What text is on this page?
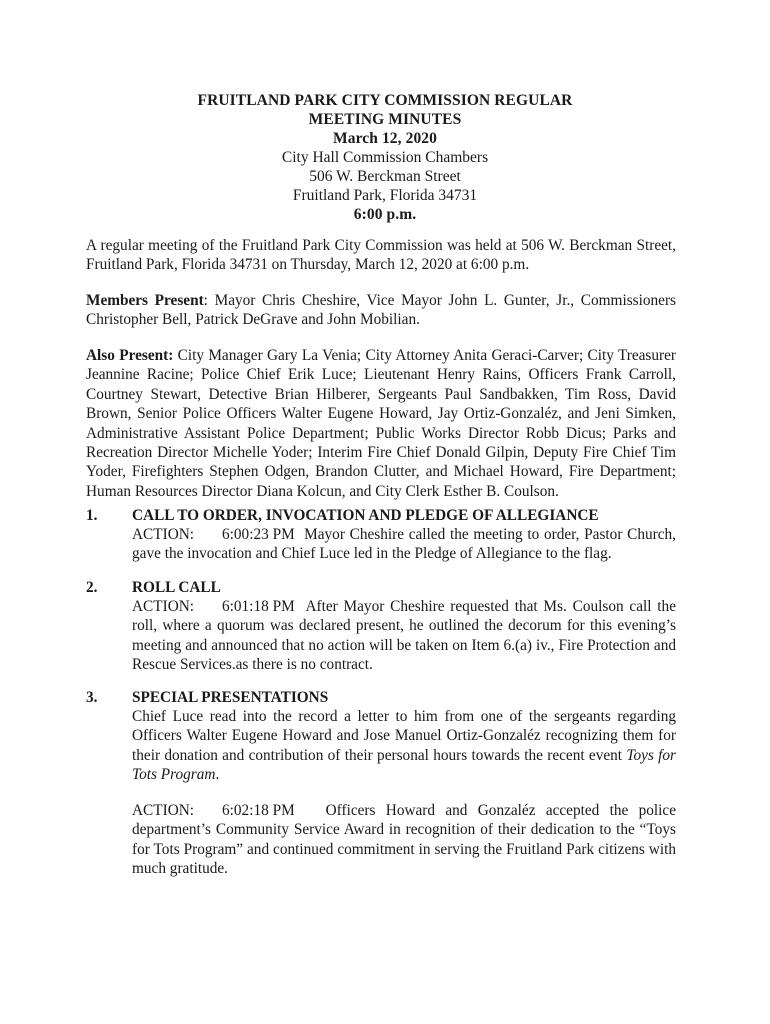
FRUITLAND PARK CITY COMMISSION REGULAR
MEETING MINUTES
March 12, 2020
City Hall Commission Chambers
506 W. Berckman Street
Fruitland Park, Florida 34731
6:00 p.m.
A regular meeting of the Fruitland Park City Commission was held at 506 W. Berckman Street, Fruitland Park, Florida 34731 on Thursday, March 12, 2020 at 6:00 p.m.
Members Present: Mayor Chris Cheshire, Vice Mayor John L. Gunter, Jr., Commissioners Christopher Bell, Patrick DeGrave and John Mobilian.
Also Present: City Manager Gary La Venia; City Attorney Anita Geraci-Carver; City Treasurer Jeannine Racine; Police Chief Erik Luce; Lieutenant Henry Rains, Officers Frank Carroll, Courtney Stewart, Detective Brian Hilberer, Sergeants Paul Sandbakken, Tim Ross, David Brown, Senior Police Officers Walter Eugene Howard, Jay Ortiz-Gonzaléz, and Jeni Simken, Administrative Assistant Police Department; Public Works Director Robb Dicus; Parks and Recreation Director Michelle Yoder; Interim Fire Chief Donald Gilpin, Deputy Fire Chief Tim Yoder, Firefighters Stephen Odgen, Brandon Clutter, and Michael Howard, Fire Department; Human Resources Director Diana Kolcun, and City Clerk Esther B. Coulson.
1. CALL TO ORDER, INVOCATION AND PLEDGE OF ALLEGIANCE
ACTION: 6:00:23 PM Mayor Cheshire called the meeting to order, Pastor Church, gave the invocation and Chief Luce led in the Pledge of Allegiance to the flag.
2. ROLL CALL
ACTION: 6:01:18 PM After Mayor Cheshire requested that Ms. Coulson call the roll, where a quorum was declared present, he outlined the decorum for this evening’s meeting and announced that no action will be taken on Item 6.(a) iv., Fire Protection and Rescue Services.as there is no contract.
3. SPECIAL PRESENTATIONS
Chief Luce read into the record a letter to him from one of the sergeants regarding Officers Walter Eugene Howard and Jose Manuel Ortiz-Gonzaléz recognizing them for their donation and contribution of their personal hours towards the recent event Toys for Tots Program.
ACTION: 6:02:18 PM Officers Howard and Gonzaléz accepted the police department’s Community Service Award in recognition of their dedication to the “Toys for Tots Program” and continued commitment in serving the Fruitland Park citizens with much gratitude.
